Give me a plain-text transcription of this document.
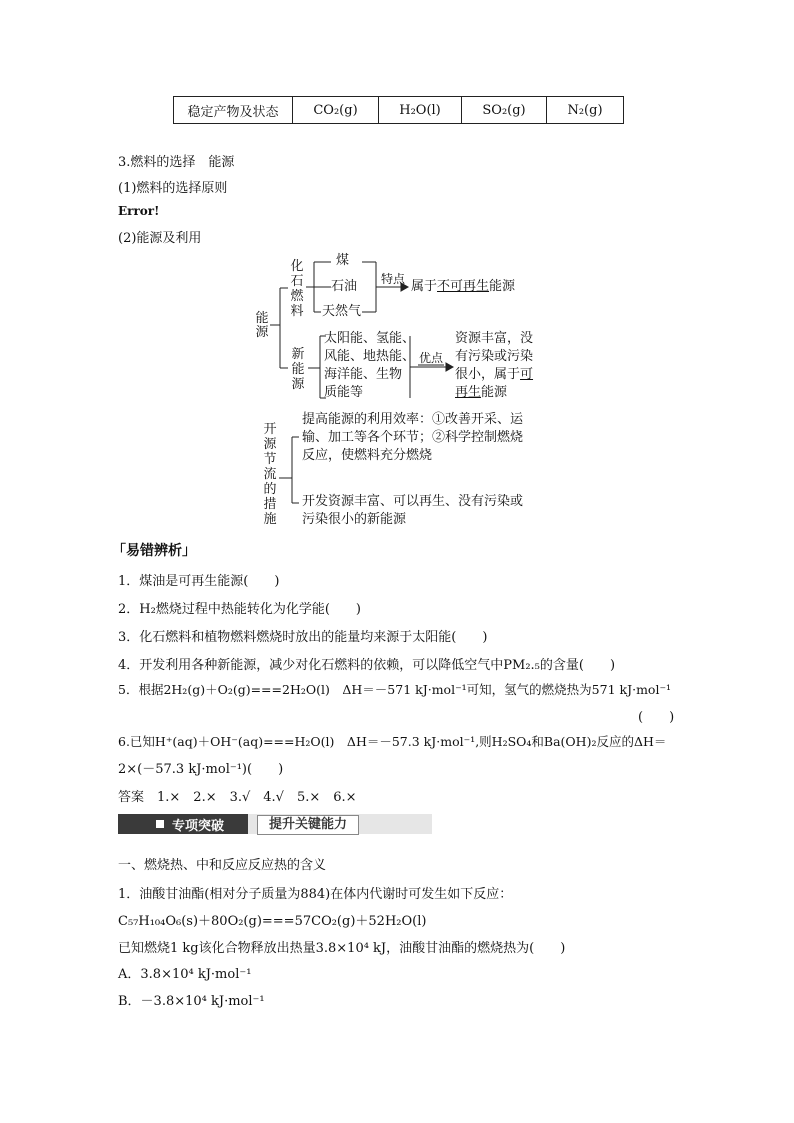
稳定产物及状态	CO₂(g)	H₂O(l)	SO₂(g)	N₂(g)
3.燃料的选择　能源
(1)燃料的选择原则
Error!
(2)能源及利用
能源
化石燃料
煤
石油
天然气
特点 属于不可再生能源
新能源
太阳能、氢能、
风能、地热能、
海洋能、生物
质能等
优点
资源丰富，没
有污染或污染
很小，属于可
再生能源
开源节流的措施
提高能源的利用效率：①改善开采、运
输、加工等各个环节；②科学控制燃烧
反应，使燃料充分燃烧
开发资源丰富、可以再生、没有污染或
污染很小的新能源
「易错辨析」
1．煤油是可再生能源(　　)
2．H₂燃烧过程中热能转化为化学能(　　)
3．化石燃料和植物燃料燃烧时放出的能量均来源于太阳能(　　)
4．开发利用各种新能源，减少对化石燃料的依赖，可以降低空气中PM₂.₅的含量(　　)
5．根据2H₂(g)＋O₂(g)===2H₂O(l)　ΔH＝－571 kJ·mol⁻¹可知，氢气的燃烧热为571 kJ·mol⁻¹
(　　)
6.已知H⁺(aq)＋OH⁻(aq)===H₂O(l)　ΔH＝－57.3 kJ·mol⁻¹,则H₂SO₄和Ba(OH)₂反应的ΔH＝
2×(－57.3 kJ·mol⁻¹)(　　)
答案　1.×　2.×　3.√　4.√　5.×　6.×
专项突破	提升关键能力
一、燃烧热、中和反应反应热的含义
1．油酸甘油酯(相对分子质量为884)在体内代谢时可发生如下反应：
C₅₇H₁₀₄O₆(s)＋80O₂(g)===57CO₂(g)＋52H₂O(l)
已知燃烧1 kg该化合物释放出热量3.8×10⁴ kJ，油酸甘油酯的燃烧热为(　　)
A．3.8×10⁴ kJ·mol⁻¹
B．－3.8×10⁴ kJ·mol⁻¹
